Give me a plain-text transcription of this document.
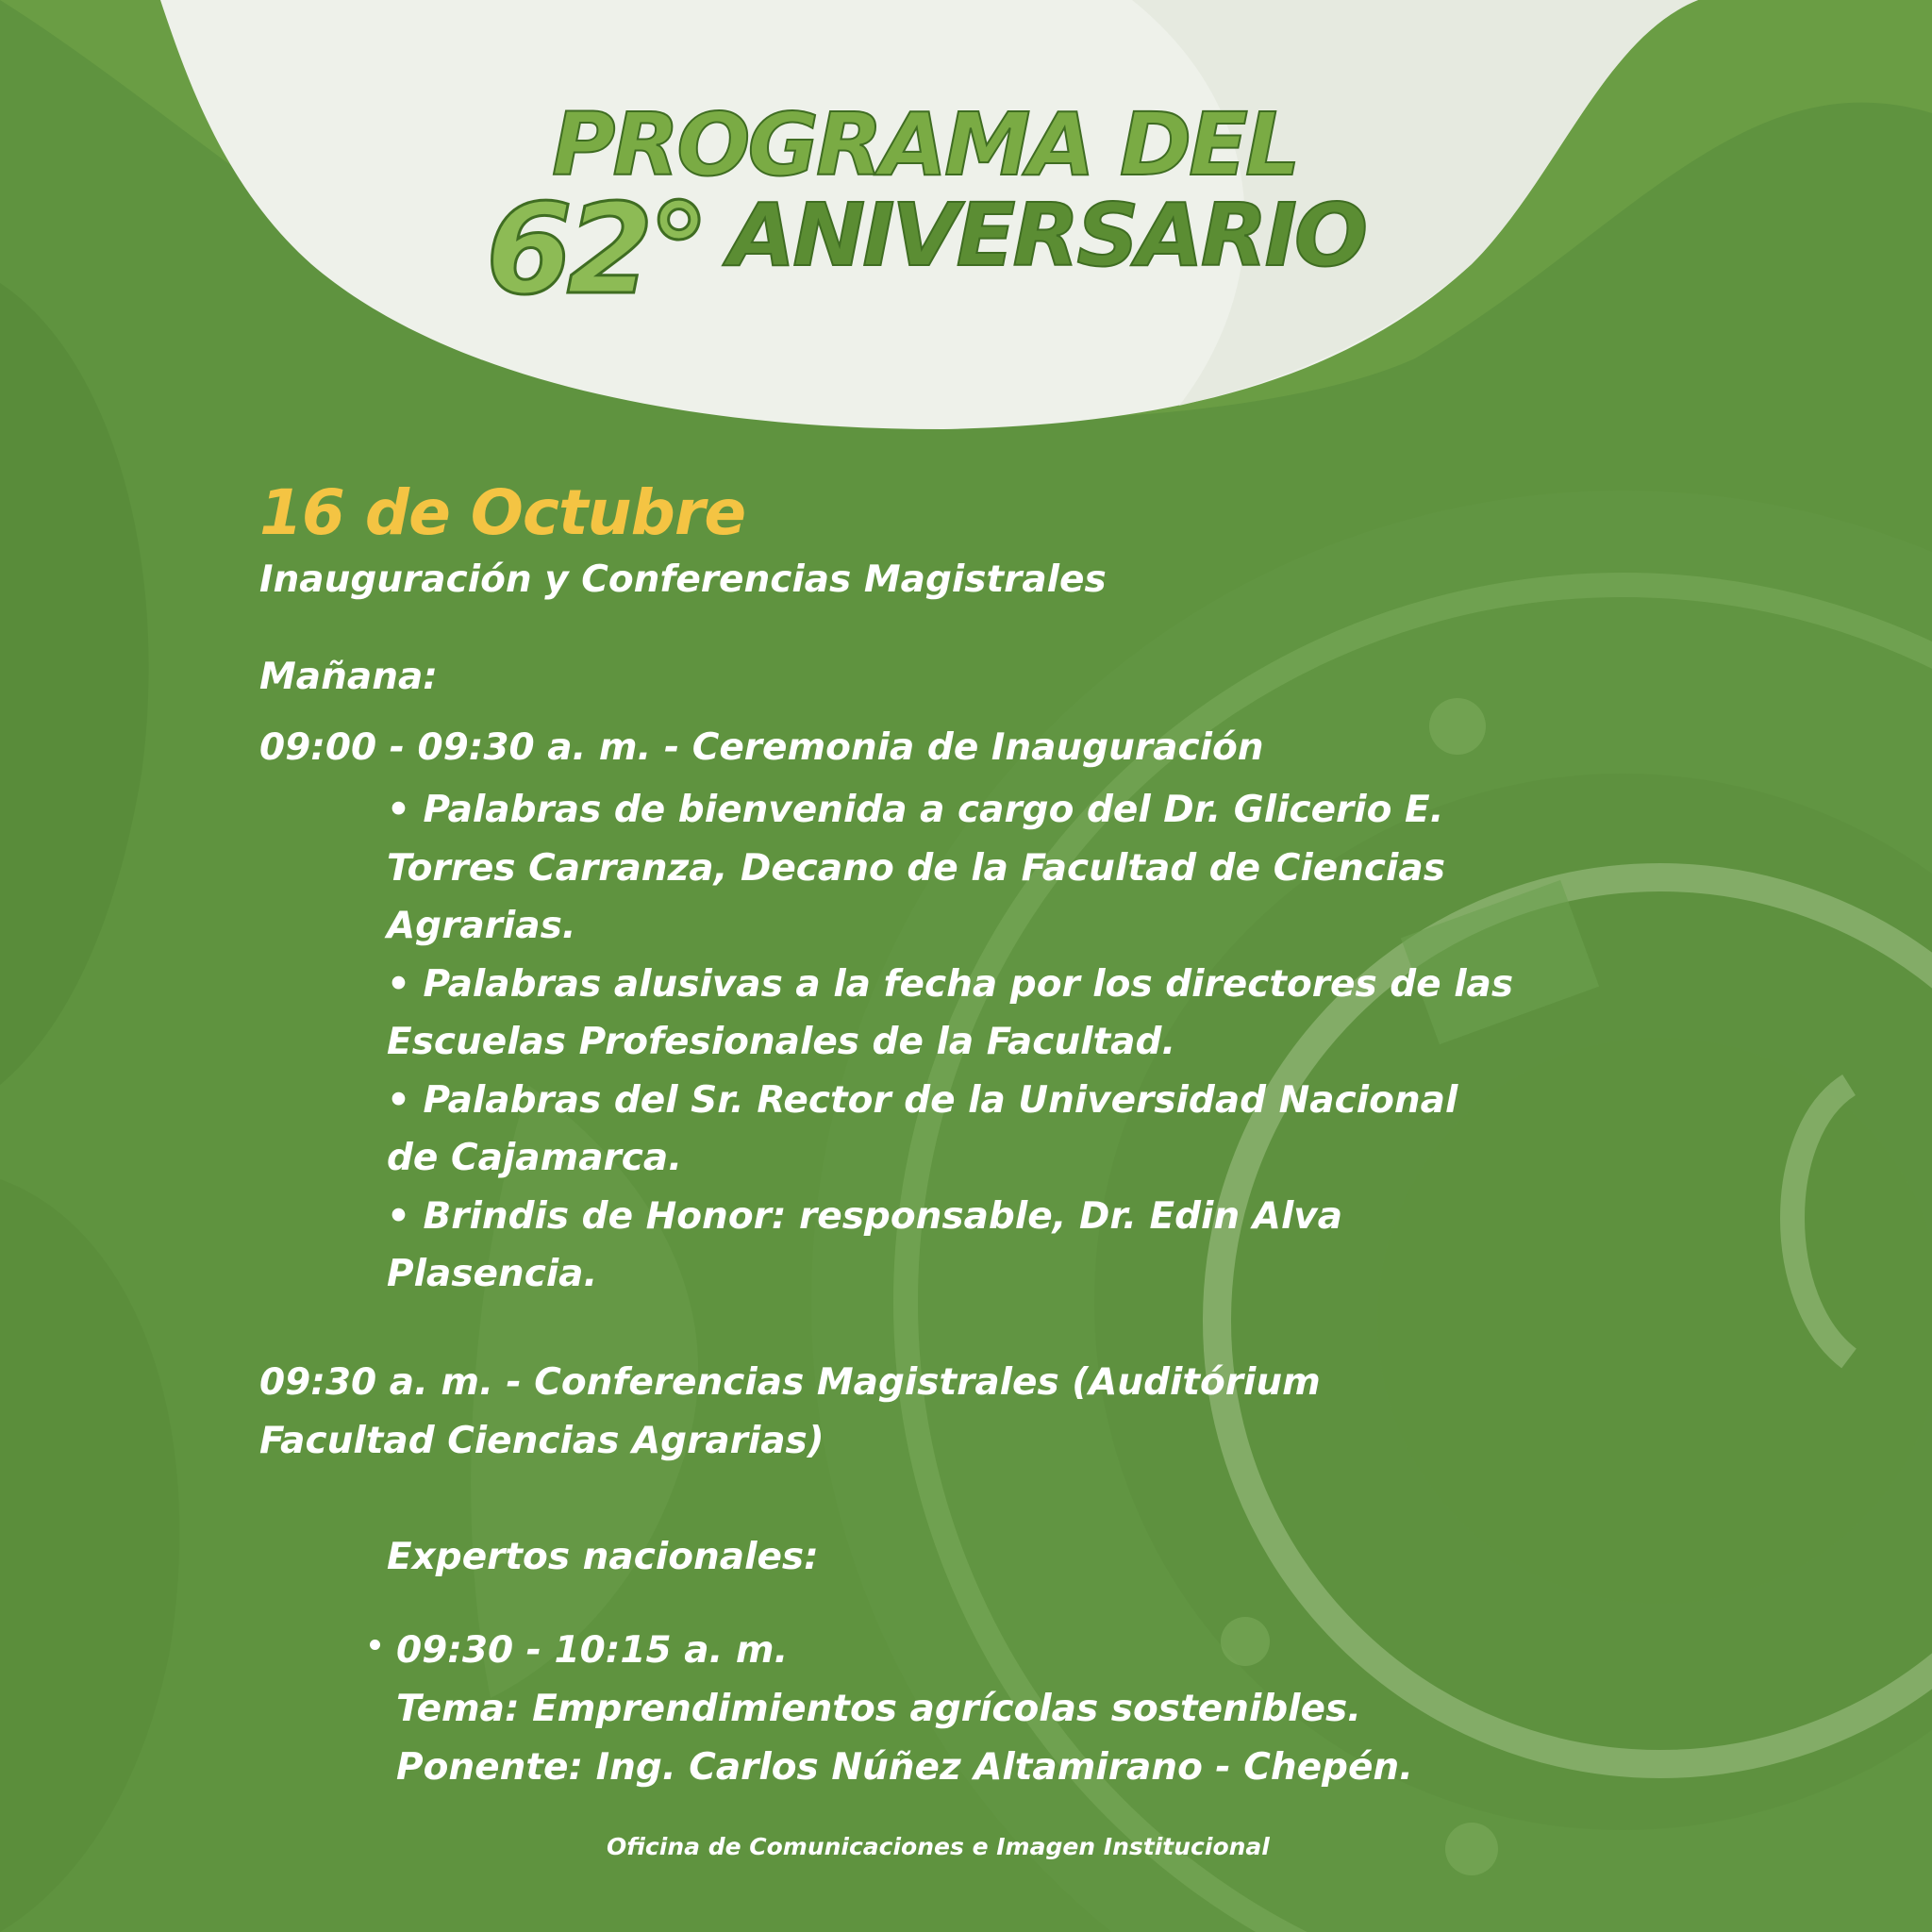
PROGRAMA DEL
62° ANIVERSARIO
16 de Octubre
Inauguración y Conferencias Magistrales
Mañana:
09:00 - 09:30 a. m. - Ceremonia de Inauguración
• Palabras de bienvenida a cargo del Dr. Glicerio E.
Torres Carranza, Decano de la Facultad de Ciencias
Agrarias.
• Palabras alusivas a la fecha por los directores de las
Escuelas Profesionales de la Facultad.
• Palabras del Sr. Rector de la Universidad Nacional
de Cajamarca.
• Brindis de Honor: responsable, Dr. Edin Alva
Plasencia.
09:30 a. m. - Conferencias Magistrales (Auditórium
Facultad Ciencias Agrarias)
Expertos nacionales:
09:30 - 10:15 a. m.
Tema: Emprendimientos agrícolas sostenibles.
Ponente: Ing. Carlos Núñez Altamirano - Chepén.
Oficina de Comunicaciones e Imagen Institucional
